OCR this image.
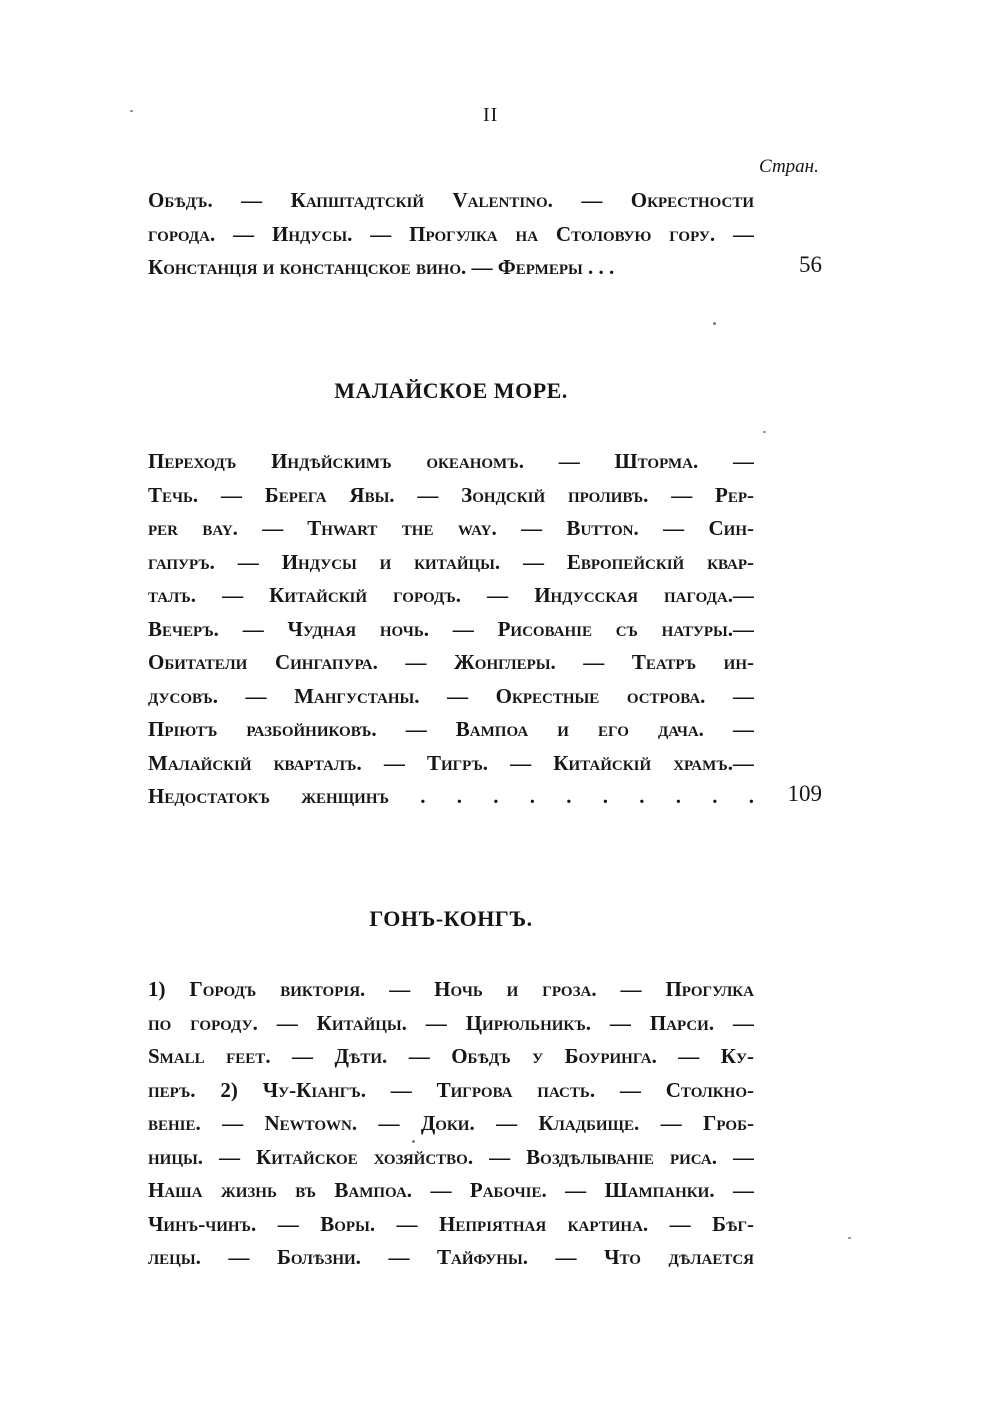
II
Стран.
Обѣдъ. — Капштадтскiй Valentino. — Окрестности
города. — Индусы. — Прогулка на Столовую гору. —
Констанцiя и констанцское вино. — Фермеры . . .	56
МАЛАЙСКОЕ МОРЕ.
Переходъ Индѣйскимъ океаномъ. — Шторма. —
Течь. — Берега Явы. — Зондскiй проливъ. — Pep-
per bay. — Thwart the way. — Button. — Син-
гапуръ. — Индусы и китайцы. — Европейскiй квар-
талъ. — Китайскiй городъ. — Индусская пагода.—
Вечеръ. — Чудная ночь. — Рисованiе съ натуры.—
Обитатели Сингапура. — Жонглеры. — Театръ ин-
дусовъ. — Мангустаны. — Окрестные острова. —
Прiютъ разбойниковъ. — Вампоа и его дача. —
Малайскiй кварталъ. — Тигръ. — Китайскiй храмъ.—
Недостатокъ женщинъ . . . . . . . . . .	109
ГОНЪ-КОНГЪ.
1) Городъ викторiя. — Ночь и гроза. — Прогулка
по городу. — Китайцы. — Цирюльникъ. — Парси. —
Small feet. — Дѣти. — Обѣдъ у Боуринга. — Ку-
перъ. 2) Чу-Кiангъ. — Тигрова пасть. — Столкно-
венiе. — Newtown. — Доки. — Кладбище. — Гроб-
ницы. — Китайское хозяйство. — Воздѣлыванiе риса. —
Наша жизнь въ Вампоа. — Рабочiе. — Шампанки. —
Чинъ-чинъ. — Воры. — Непрiятная картина. — Бѣг-
лецы. — Болѣзни. — Тайфуны. — Что дѣлается
